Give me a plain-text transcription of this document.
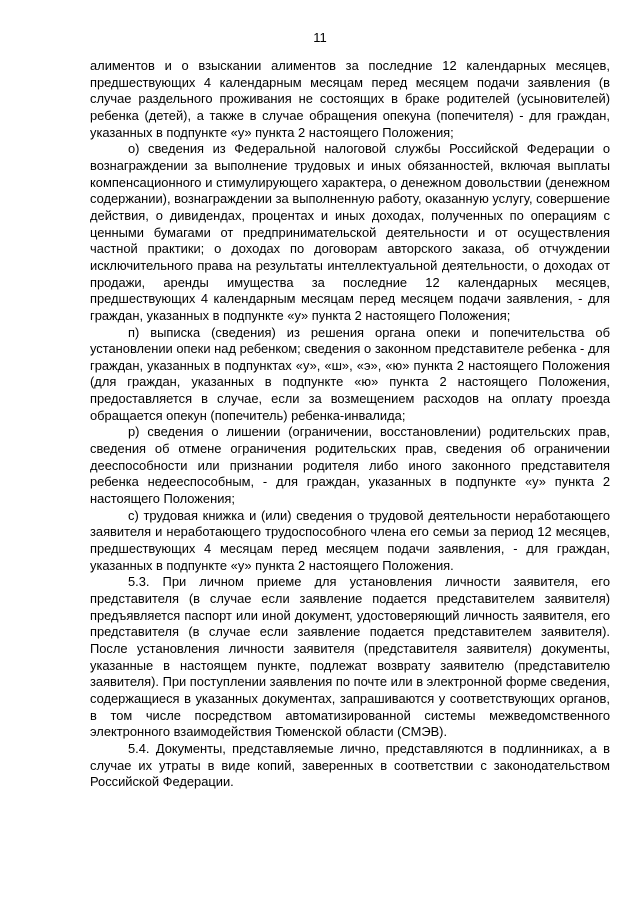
11

алиментов и о взыскании алиментов за последние 12 календарных месяцев, предшествующих 4 календарным месяцам перед месяцем подачи заявления (в случае раздельного проживания не состоящих в браке родителей (усыновителей) ребенка (детей), а также в случае обращения опекуна (попечителя) - для граждан, указанных в подпункте «у» пункта 2 настоящего Положения;

о) сведения из Федеральной налоговой службы Российской Федерации о вознаграждении за выполнение трудовых и иных обязанностей, включая выплаты компенсационного и стимулирующего характера, о денежном довольствии (денежном содержании), вознаграждении за выполненную работу, оказанную услугу, совершение действия, о дивидендах, процентах и иных доходах, полученных по операциям с ценными бумагами от предпринимательской деятельности и от осуществления частной практики; о доходах по договорам авторского заказа, об отчуждении исключительного права на результаты интеллектуальной деятельности, о доходах от продажи, аренды имущества за последние 12 календарных месяцев, предшествующих 4 календарным месяцам перед месяцем подачи заявления, - для граждан, указанных в подпункте «у» пункта 2 настоящего Положения;

п) выписка (сведения) из решения органа опеки и попечительства об установлении опеки над ребенком; сведения о законном представителе ребенка - для граждан, указанных в подпунктах «у», «ш», «э», «ю» пункта 2 настоящего Положения (для граждан, указанных в подпункте «ю» пункта 2 настоящего Положения, предоставляется в случае, если за возмещением расходов на оплату проезда обращается опекун (попечитель) ребенка-инвалида;

р) сведения о лишении (ограничении, восстановлении) родительских прав, сведения об отмене ограничения родительских прав, сведения об ограничении дееспособности или признании родителя либо иного законного представителя ребенка недееспособным, - для граждан, указанных в подпункте «у» пункта 2 настоящего Положения;

с) трудовая книжка и (или) сведения о трудовой деятельности неработающего заявителя и неработающего трудоспособного члена его семьи за период 12 месяцев, предшествующих 4 месяцам перед месяцем подачи заявления, - для граждан, указанных в подпункте «у» пункта 2 настоящего Положения.

5.3. При личном приеме для установления личности заявителя, его представителя (в случае если заявление подается представителем заявителя) предъявляется паспорт или иной документ, удостоверяющий личность заявителя, его представителя (в случае если заявление подается представителем заявителя). После установления личности заявителя (представителя заявителя) документы, указанные в настоящем пункте, подлежат возврату заявителю (представителю заявителя). При поступлении заявления по почте или в электронной форме сведения, содержащиеся в указанных документах, запрашиваются у соответствующих органов, в том числе посредством автоматизированной системы межведомственного электронного взаимодействия Тюменской области (СМЭВ).

5.4. Документы, представляемые лично, представляются в подлинниках, а в случае их утраты в виде копий, заверенных в соответствии с законодательством Российской Федерации.
